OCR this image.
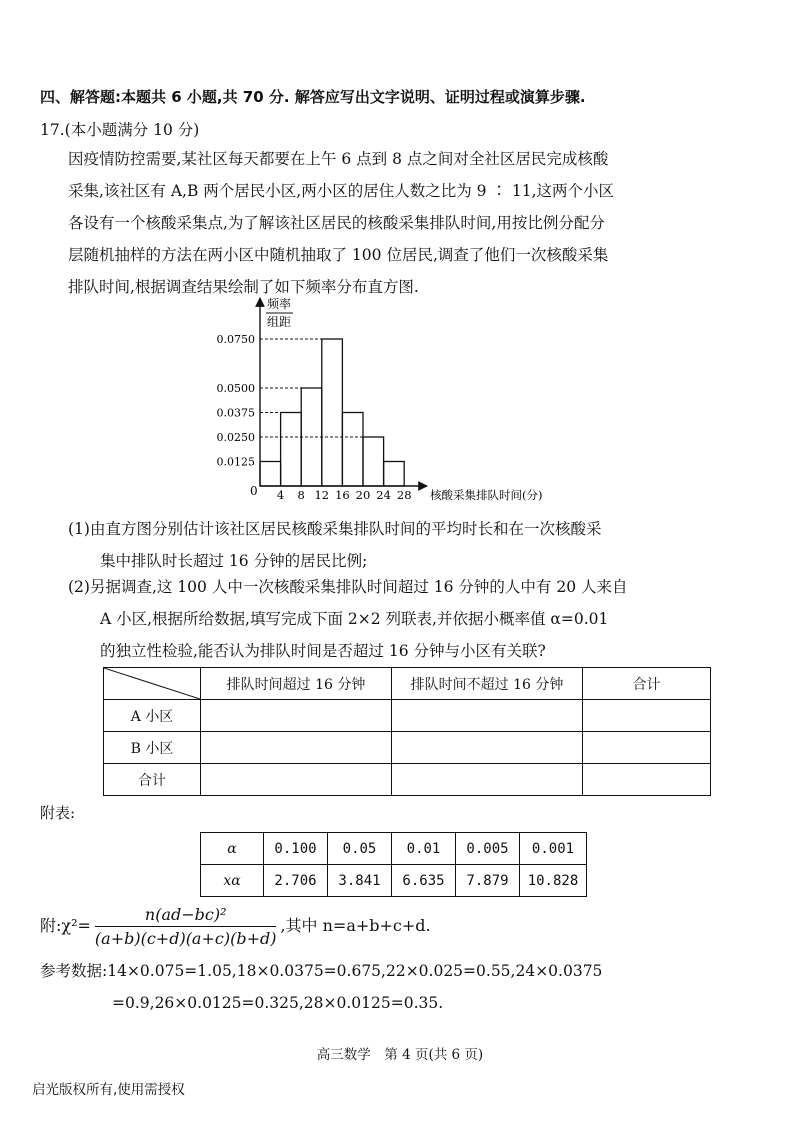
四、解答题:本题共 6 小题,共 70 分. 解答应写出文字说明、证明过程或演算步骤.
17.(本小题满分 10 分)

因疫情防控需要,某社区每天都要在上午 6 点到 8 点之间对全社区居民完成核酸

采集,该社区有 A,B 两个居民小区,两小区的居住人数之比为 9 ∶ 11,这两个小区

各设有一个核酸采集点,为了解该社区居民的核酸采集排队时间,用按比例分配分

层随机抽样的方法在两小区中随机抽取了 100 位居民,调查了他们一次核酸采集

排队时间,根据调查结果绘制了如下频率分布直方图.

频率
组距
0
0.0125
0.0250
0.0375
0.0500
0.0750
4 8 12 16 20 24 28 核酸采集排队时间(分)

(1)由直方图分别估计该社区居民核酸采集排队时间的平均时长和在一次核酸采

集中排队时长超过 16 分钟的居民比例;

(2)另据调查,这 100 人中一次核酸采集排队时间超过 16 分钟的人中有 20 人来自

A 小区,根据所给数据,填写完成下面 2×2 列联表,并依据小概率值 α=0.01

的独立性检验,能否认为排队时间是否超过 16 分钟与小区有关联?

	排队时间超过 16 分钟	排队时间不超过 16 分钟	合计
A 小区			
B 小区			
合计			
附表:
α	0.100	0.05	0.01	0.005	0.001
xα	2.706	3.841	6.635	7.879	10.828
附:χ²= $\frac{\text{n(ad−bc)²}}{(a+b)(c+d)(a+c)(b+d)}$ ,其中 n=a+b+c+d.
参考数据:14×0.075=1.05,18×0.0375=0.675,22×0.025=0.55,24×0.0375
=0.9,26×0.0125=0.325,28×0.0125=0.35.
高三数学　第 4 页(共 6 页)
启光版权所有,使用需授权
